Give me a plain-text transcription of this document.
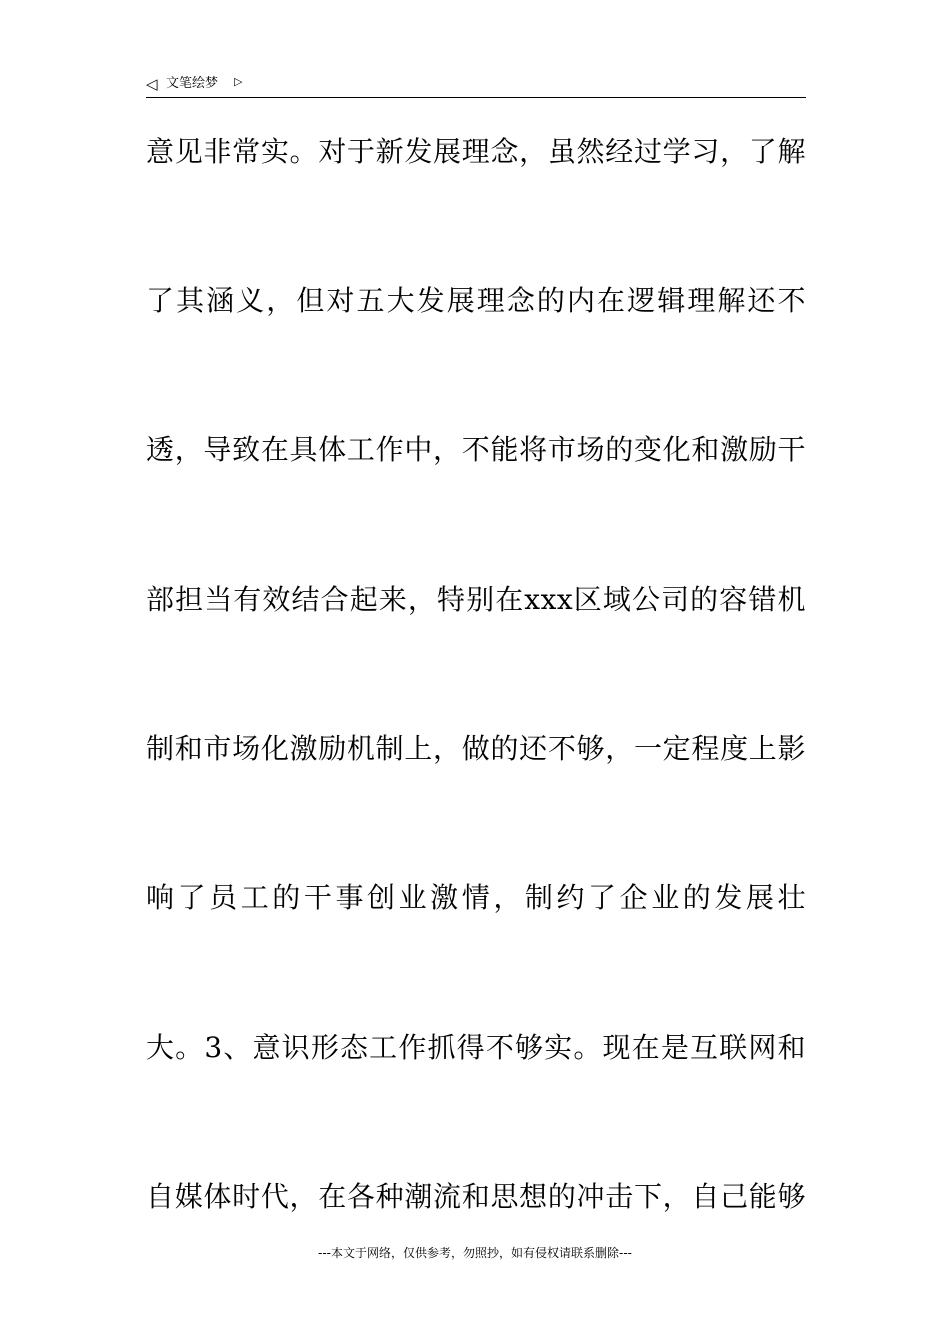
◁ 文笔绘梦 ▷
意见非常实。对于新发展理念，虽然经过学习，了解
了其涵义，但对五大发展理念的内在逻辑理解还不
透，导致在具体工作中，不能将市场的变化和激励干
部担当有效结合起来，特别在xxx区域公司的容错机
制和市场化激励机制上，做的还不够，一定程度上影
响了员工的干事创业激情，制约了企业的发展壮
大。3、意识形态工作抓得不够实。现在是互联网和
自媒体时代，在各种潮流和思想的冲击下，自己能够
---本文于网络，仅供参考，勿照抄，如有侵权请联系删除---
